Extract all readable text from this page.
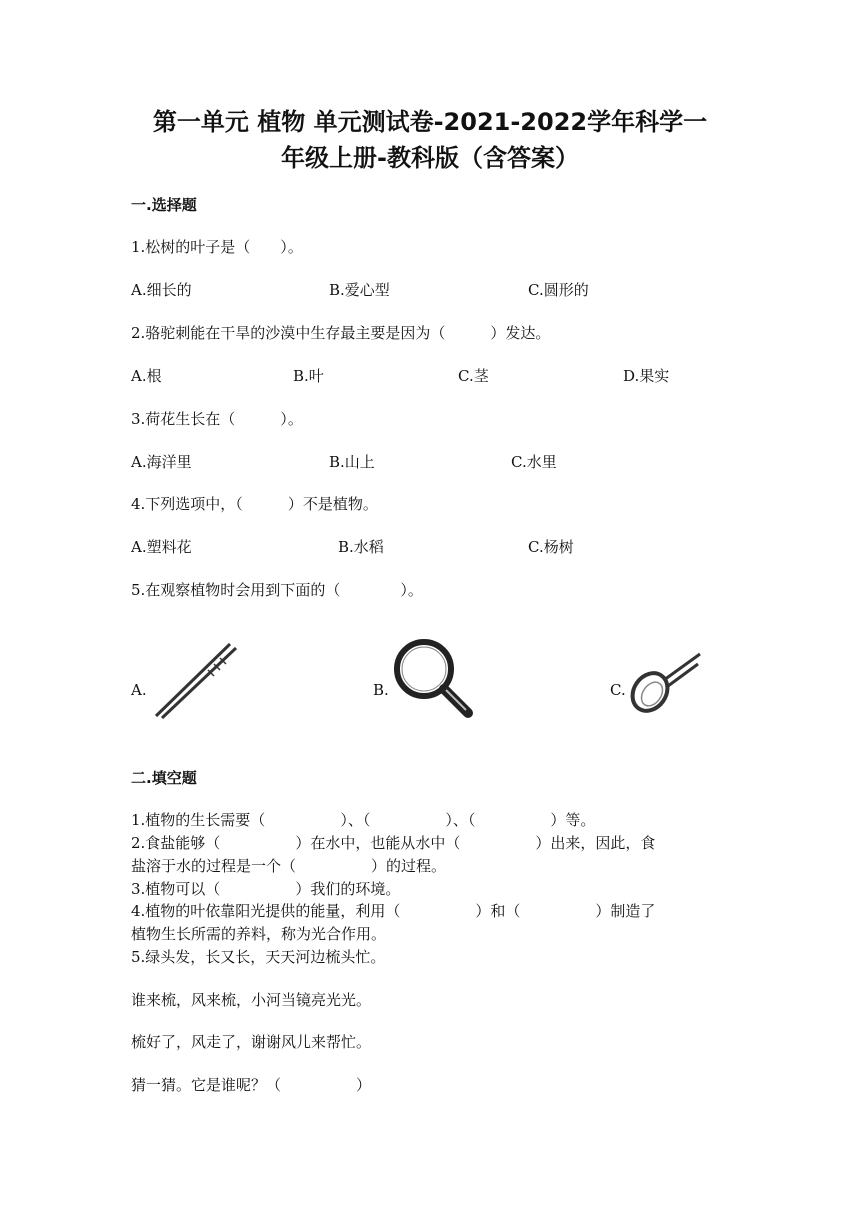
第一单元 植物 单元测试卷-2021-2022学年科学一
年级上册-教科版（含答案）
一.选择题
1.松树的叶子是（　　）。
A.细长的	B.爱心型	C.圆形的
2.骆驼刺能在干旱的沙漠中生存最主要是因为（　　　）发达。
A.根	B.叶	C.茎	D.果实
3.荷花生长在（　　　）。
A.海洋里	B.山上	C.水里
4.下列选项中，（　　　）不是植物。
A.塑料花	B.水稻	C.杨树
5.在观察植物时会用到下面的（　　　　）。
A.	B.	C.
二.填空题
1.植物的生长需要（　　　　　）、（　　　　　）、（　　　　　）等。
2.食盐能够（　　　　　）在水中，也能从水中（　　　　　）出来，因此，食
盐溶于水的过程是一个（　　　　　）的过程。
3.植物可以（　　　　　）我们的环境。
4.植物的叶依靠阳光提供的能量，利用（　　　　　）和（　　　　　）制造了
植物生长所需的养料，称为光合作用。
5.绿头发，长又长，天天河边梳头忙。
谁来梳，风来梳，小河当镜亮光光。
梳好了，风走了，谢谢风儿来帮忙。
猜一猜。它是谁呢？（　　　　　）
